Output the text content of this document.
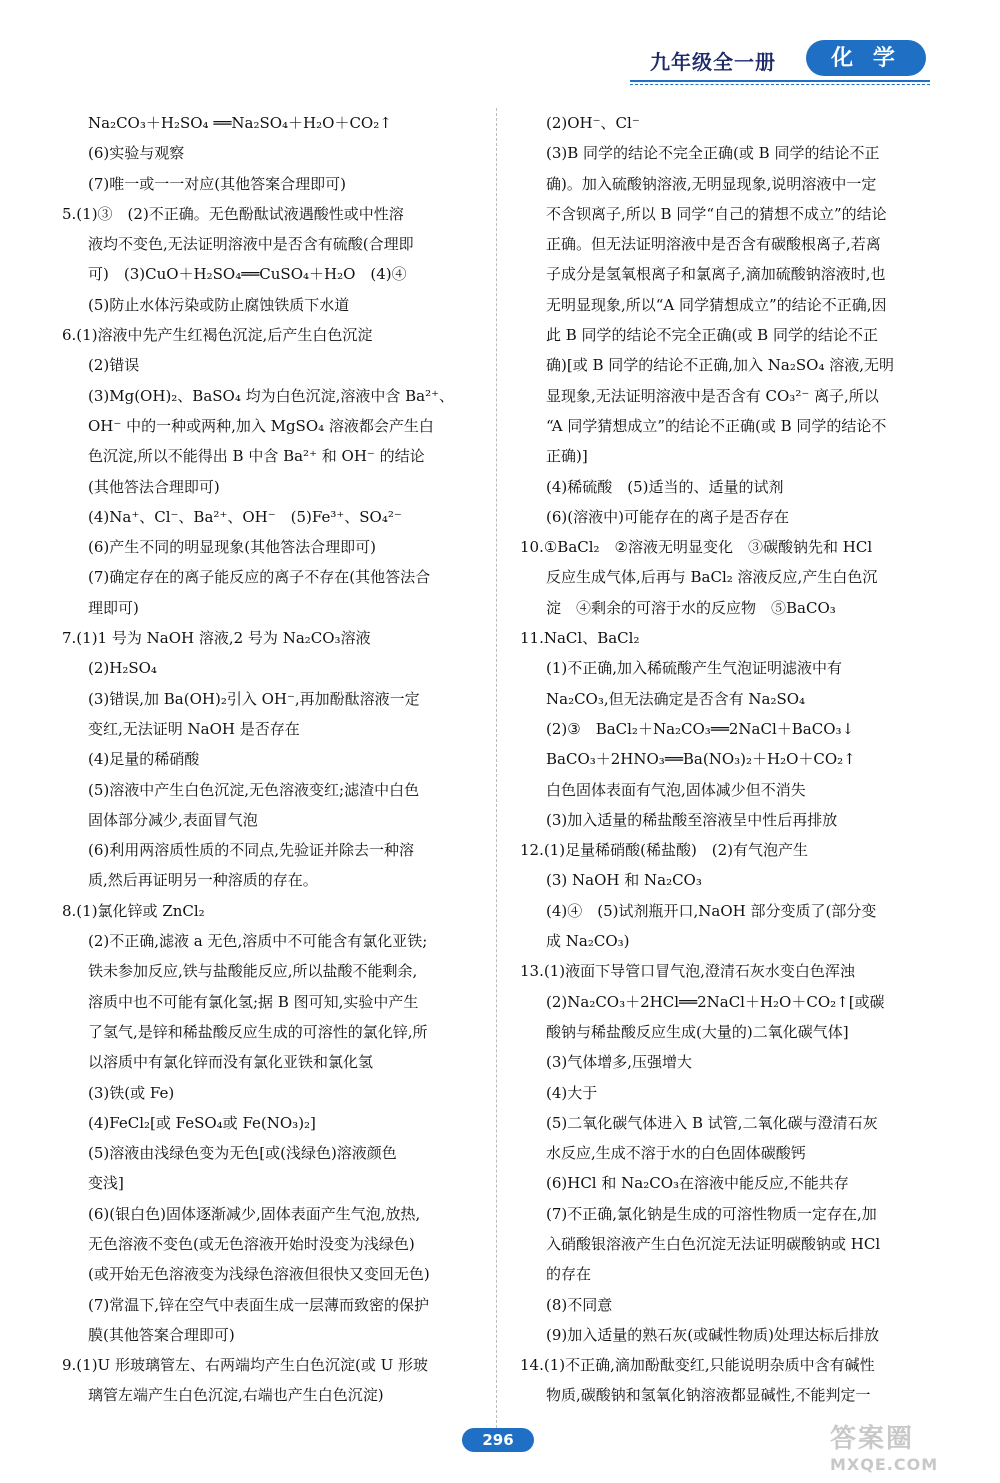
九年级全一册	化 学
Na₂CO₃＋H₂SO₄ ══Na₂SO₄＋H₂O＋CO₂↑
(6)实验与观察
(7)唯一或一一对应(其他答案合理即可)
5.(1)③　(2)不正确。无色酚酞试液遇酸性或中性溶
液均不变色,无法证明溶液中是否含有硫酸(合理即
可)　(3)CuO＋H₂SO₄══CuSO₄＋H₂O　(4)④
(5)防止水体污染或防止腐蚀铁质下水道
6.(1)溶液中先产生红褐色沉淀,后产生白色沉淀
(2)错误
(3)Mg(OH)₂、BaSO₄ 均为白色沉淀,溶液中含 Ba²⁺、
OH⁻ 中的一种或两种,加入 MgSO₄ 溶液都会产生白
色沉淀,所以不能得出 B 中含 Ba²⁺ 和 OH⁻ 的结论
(其他答法合理即可)
(4)Na⁺、Cl⁻、Ba²⁺、OH⁻　(5)Fe³⁺、SO₄²⁻
(6)产生不同的明显现象(其他答法合理即可)
(7)确定存在的离子能反应的离子不存在(其他答法合
理即可)
7.(1)1 号为 NaOH 溶液,2 号为 Na₂CO₃溶液
(2)H₂SO₄
(3)错误,加 Ba(OH)₂引入 OH⁻,再加酚酞溶液一定
变红,无法证明 NaOH 是否存在
(4)足量的稀硝酸
(5)溶液中产生白色沉淀,无色溶液变红;滤渣中白色
固体部分减少,表面冒气泡
(6)利用两溶质性质的不同点,先验证并除去一种溶
质,然后再证明另一种溶质的存在。
8.(1)氯化锌或 ZnCl₂
(2)不正确,滤液 a 无色,溶质中不可能含有氯化亚铁;
铁未参加反应,铁与盐酸能反应,所以盐酸不能剩余,
溶质中也不可能有氯化氢;据 B 图可知,实验中产生
了氢气,是锌和稀盐酸反应生成的可溶性的氯化锌,所
以溶质中有氯化锌而没有氯化亚铁和氯化氢
(3)铁(或 Fe)
(4)FeCl₂[或 FeSO₄或 Fe(NO₃)₂]
(5)溶液由浅绿色变为无色[或(浅绿色)溶液颜色
变浅]
(6)(银白色)固体逐渐减少,固体表面产生气泡,放热,
无色溶液不变色(或无色溶液开始时没变为浅绿色)
(或开始无色溶液变为浅绿色溶液但很快又变回无色)
(7)常温下,锌在空气中表面生成一层薄而致密的保护
膜(其他答案合理即可)
9.(1)U 形玻璃管左、右两端均产生白色沉淀(或 U 形玻
璃管左端产生白色沉淀,右端也产生白色沉淀)
(2)OH⁻、Cl⁻
(3)B 同学的结论不完全正确(或 B 同学的结论不正
确)。加入硫酸钠溶液,无明显现象,说明溶液中一定
不含钡离子,所以 B 同学“自己的猜想不成立”的结论
正确。但无法证明溶液中是否含有碳酸根离子,若离
子成分是氢氧根离子和氯离子,滴加硫酸钠溶液时,也
无明显现象,所以“A 同学猜想成立”的结论不正确,因
此 B 同学的结论不完全正确(或 B 同学的结论不正
确)[或 B 同学的结论不正确,加入 Na₂SO₄ 溶液,无明
显现象,无法证明溶液中是否含有 CO₃²⁻ 离子,所以
“A 同学猜想成立”的结论不正确(或 B 同学的结论不
正确)]
(4)稀硫酸　(5)适当的、适量的试剂
(6)(溶液中)可能存在的离子是否存在
10.①BaCl₂　②溶液无明显变化　③碳酸钠先和 HCl
反应生成气体,后再与 BaCl₂ 溶液反应,产生白色沉
淀　④剩余的可溶于水的反应物　⑤BaCO₃
11.NaCl、BaCl₂
(1)不正确,加入稀硫酸产生气泡证明滤液中有
Na₂CO₃,但无法确定是否含有 Na₂SO₄
(2)③　BaCl₂＋Na₂CO₃══2NaCl＋BaCO₃↓
BaCO₃＋2HNO₃══Ba(NO₃)₂＋H₂O＋CO₂↑
白色固体表面有气泡,固体减少但不消失
(3)加入适量的稀盐酸至溶液呈中性后再排放
12.(1)足量稀硝酸(稀盐酸)　(2)有气泡产生
(3) NaOH 和 Na₂CO₃
(4)④　(5)试剂瓶开口,NaOH 部分变质了(部分变
成 Na₂CO₃)
13.(1)液面下导管口冒气泡,澄清石灰水变白色浑浊
(2)Na₂CO₃＋2HCl══2NaCl＋H₂O＋CO₂↑[或碳
酸钠与稀盐酸反应生成(大量的)二氧化碳气体]
(3)气体增多,压强增大
(4)大于
(5)二氧化碳气体进入 B 试管,二氧化碳与澄清石灰
水反应,生成不溶于水的白色固体碳酸钙
(6)HCl 和 Na₂CO₃在溶液中能反应,不能共存
(7)不正确,氯化钠是生成的可溶性物质一定存在,加
入硝酸银溶液产生白色沉淀无法证明碳酸钠或 HCl
的存在
(8)不同意
(9)加入适量的熟石灰(或碱性物质)处理达标后排放
14.(1)不正确,滴加酚酞变红,只能说明杂质中含有碱性
物质,碳酸钠和氢氧化钠溶液都显碱性,不能判定一
296	答案圈
MXQE.COM
